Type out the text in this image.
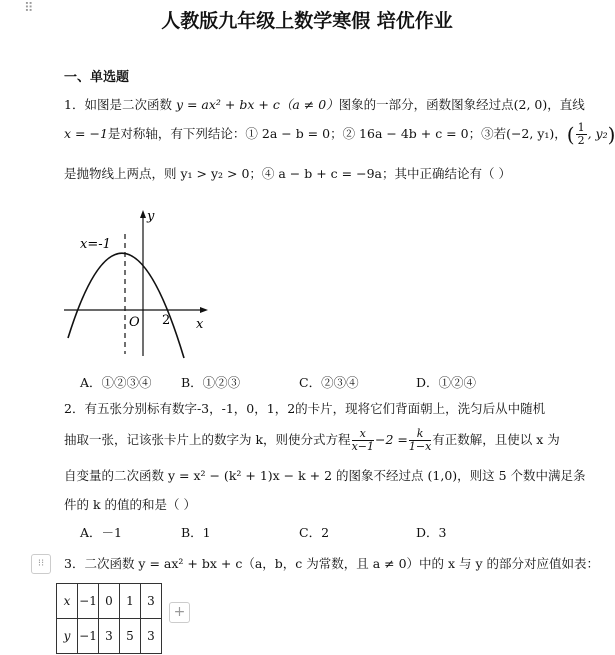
⠿
人教版九年级上数学寒假 培优作业
一、单选题
1．如图是二次函数 y = ax² + bx + c（a ≠ 0）图象的一部分，函数图象经过点(2, 0)，直线
x = −1是对称轴，有下列结论：① 2a − b = 0；② 16a − 4b + c = 0；③若(−2, y₁)，( $\frac{1}{2}$ , y₂)
是抛物线上两点，则 y₁ > y₂ > 0；④ a − b + c = −9a；其中正确结论有（ ）
x=-1
y
x
O 2
A．①②③④ B．①②③	C．②③④	D．①②④
2．有五张分别标有数字-3，-1，0，1，2的卡片，现将它们背面朝上，洗匀后从中随机
抽取一张，记该张卡片上的数字为 k，则使分式方程 $\frac{x}{x-1} -2 = \frac{k}{1-x}$ 有正数解，且使以 x 为
自变量的二次函数 y = x² − (k² + 1)x − k + 2 的图象不经过点 (1,0)，则这 5 个数中满足条
件的 k 的值的和是（ ）
A．－1	B．1	C．2	D．3
⁝⁝	3．二次函数 y = ax² + bx + c（a，b，c 为常数，且 a ≠ 0）中的 x 与 y 的部分对应值如表：
x	−1	0	1	3
y	−1	3	5	3
+
